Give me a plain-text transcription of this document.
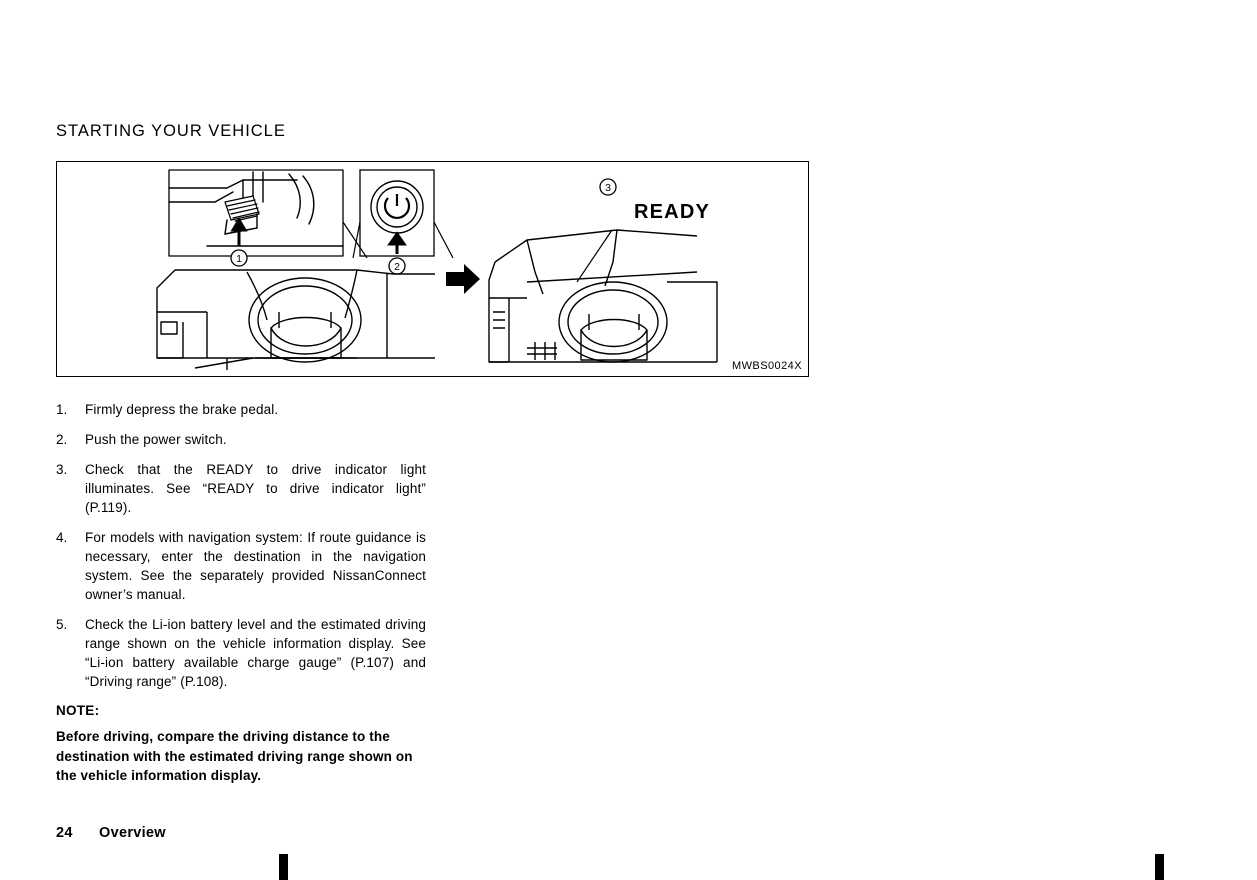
STARTING YOUR VEHICLE
1
2
READY
3
MWBS0024X
1.	Firmly depress the brake pedal.
2.	Push the power switch.
3.	Check that the READY to drive indicator light illuminates. See “READY to drive indicator light” (P.119).
4.	For models with navigation system: If route guidance is necessary, enter the destination in the navigation system. See the separately provided NissanConnect owner’s manual.
5.	Check the Li-ion battery level and the estimated driving range shown on the vehicle information display. See “Li-ion battery available charge gauge” (P.107) and “Driving range” (P.108).
NOTE:
Before driving, compare the driving distance to the destination with the estimated driving range shown on the vehicle information display.
24 Overview
